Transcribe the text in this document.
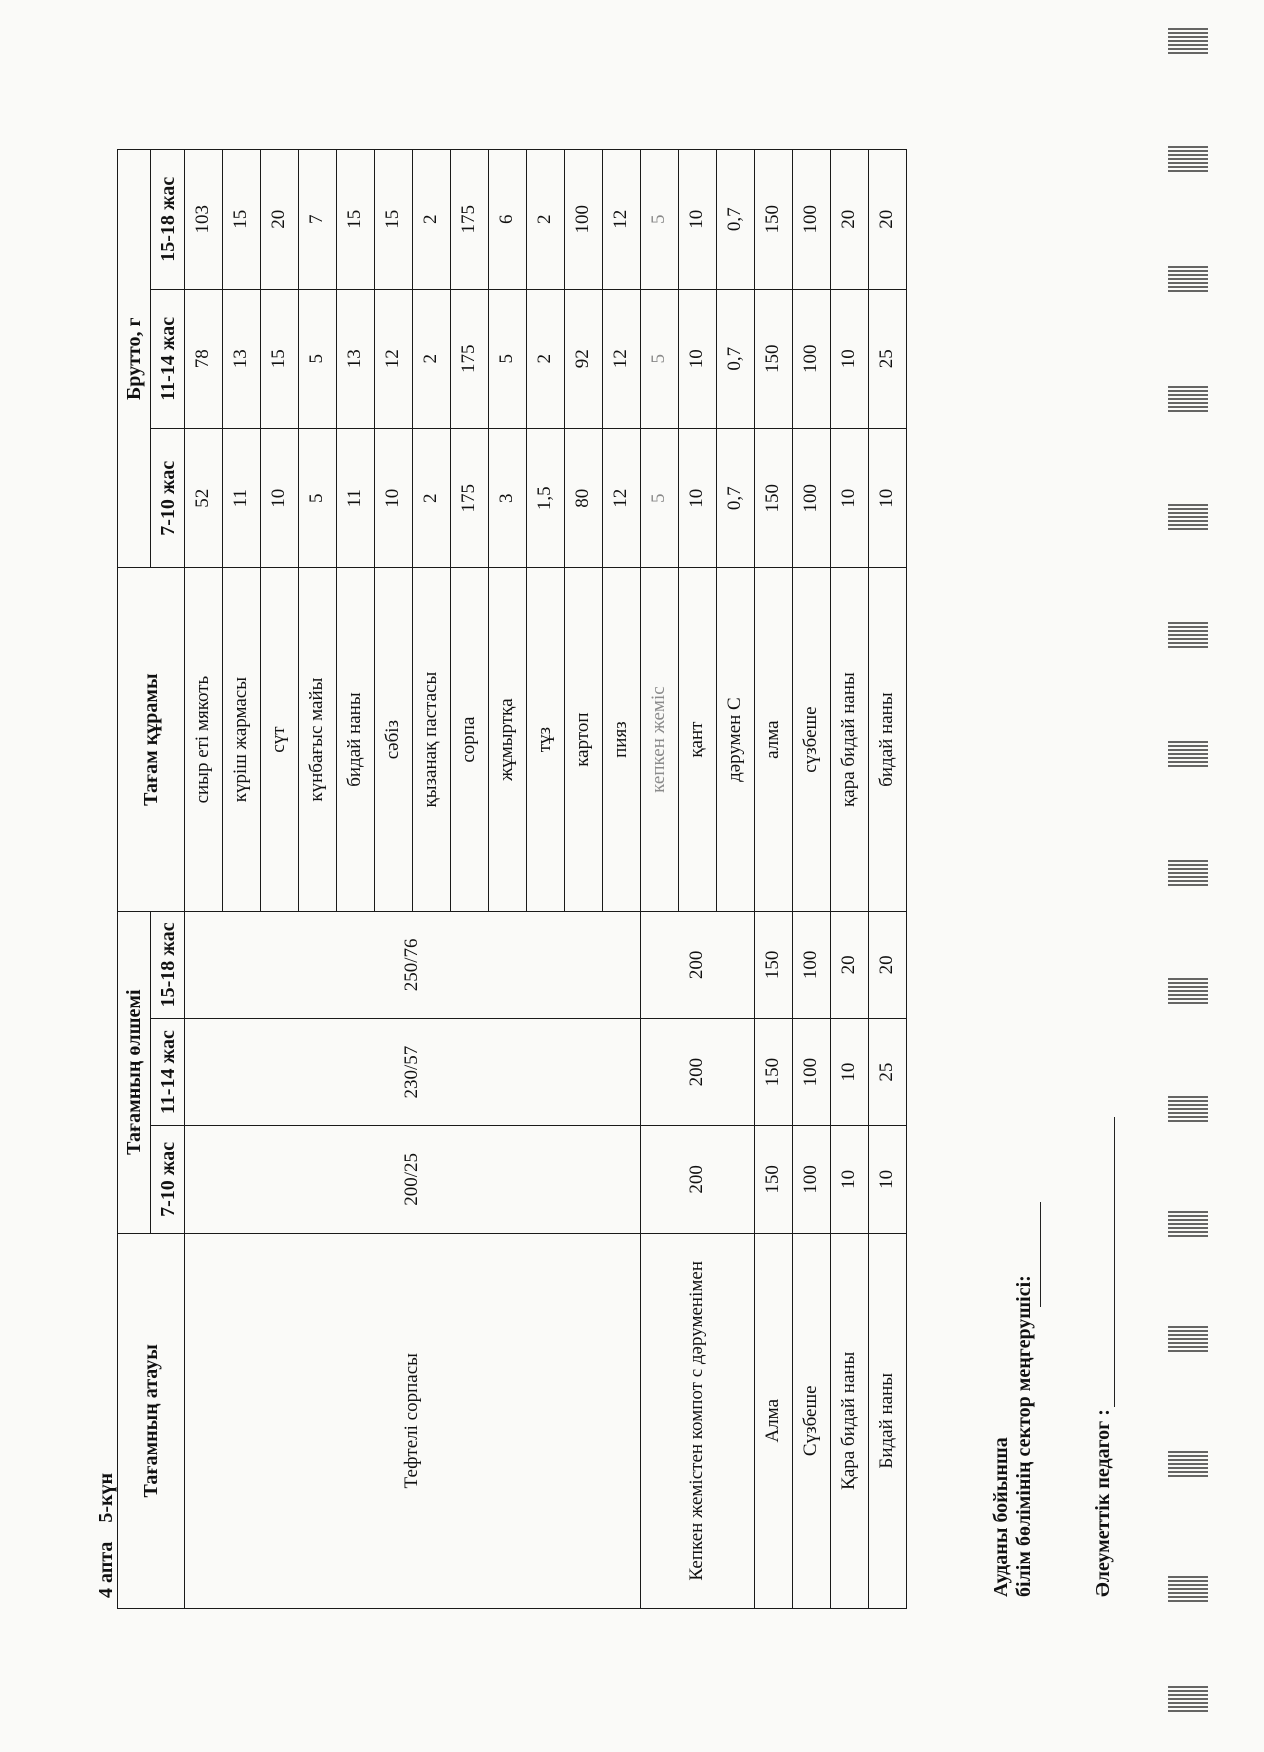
4 апта 5-күн
Тағамның атауы	Тағамның өлшемі			Тағам құрамы	Брутто, г		
	7-10 жас	11-14 жас	15-18 жас		7-10 жас	11-14 жас	15-18 жас
Тефтелі сорпасы	200/25	230/57	250/76	сиыр еті мякоть	52	78	103
				күріш жармасы	11	13	15
				сүт	10	15	20
				күнбағыс майы	5	5	7
				бидай наны	11	13	15
				сәбіз	10	12	15
				қызанақ пастасы	2	2	2
				сорпа	175	175	175
				жұмыртқа	3	5	6
				тұз	1,5	2	2
				картоп	80	92	100
				пияз	12	12	12
Кепкен жемістен компот с дәруменімен	200	200	200	кепкен жеміс	5	5	5
				қант	10	10	10
				дәрумен С	0,7	0,7	0,7
Алма	150	150	150	алма	150	150	150
Сүзбеше	100	100	100	сүзбеше	100	100	100
Қара бидай наны	10	10	20	қара бидай наны	10	10	20
Бидай наны	10	25	20	бидай наны	10	25	20
Ауданы бойынша білім бөлімінің сектор меңгерушісі:	Әлеуметтік педагог :
